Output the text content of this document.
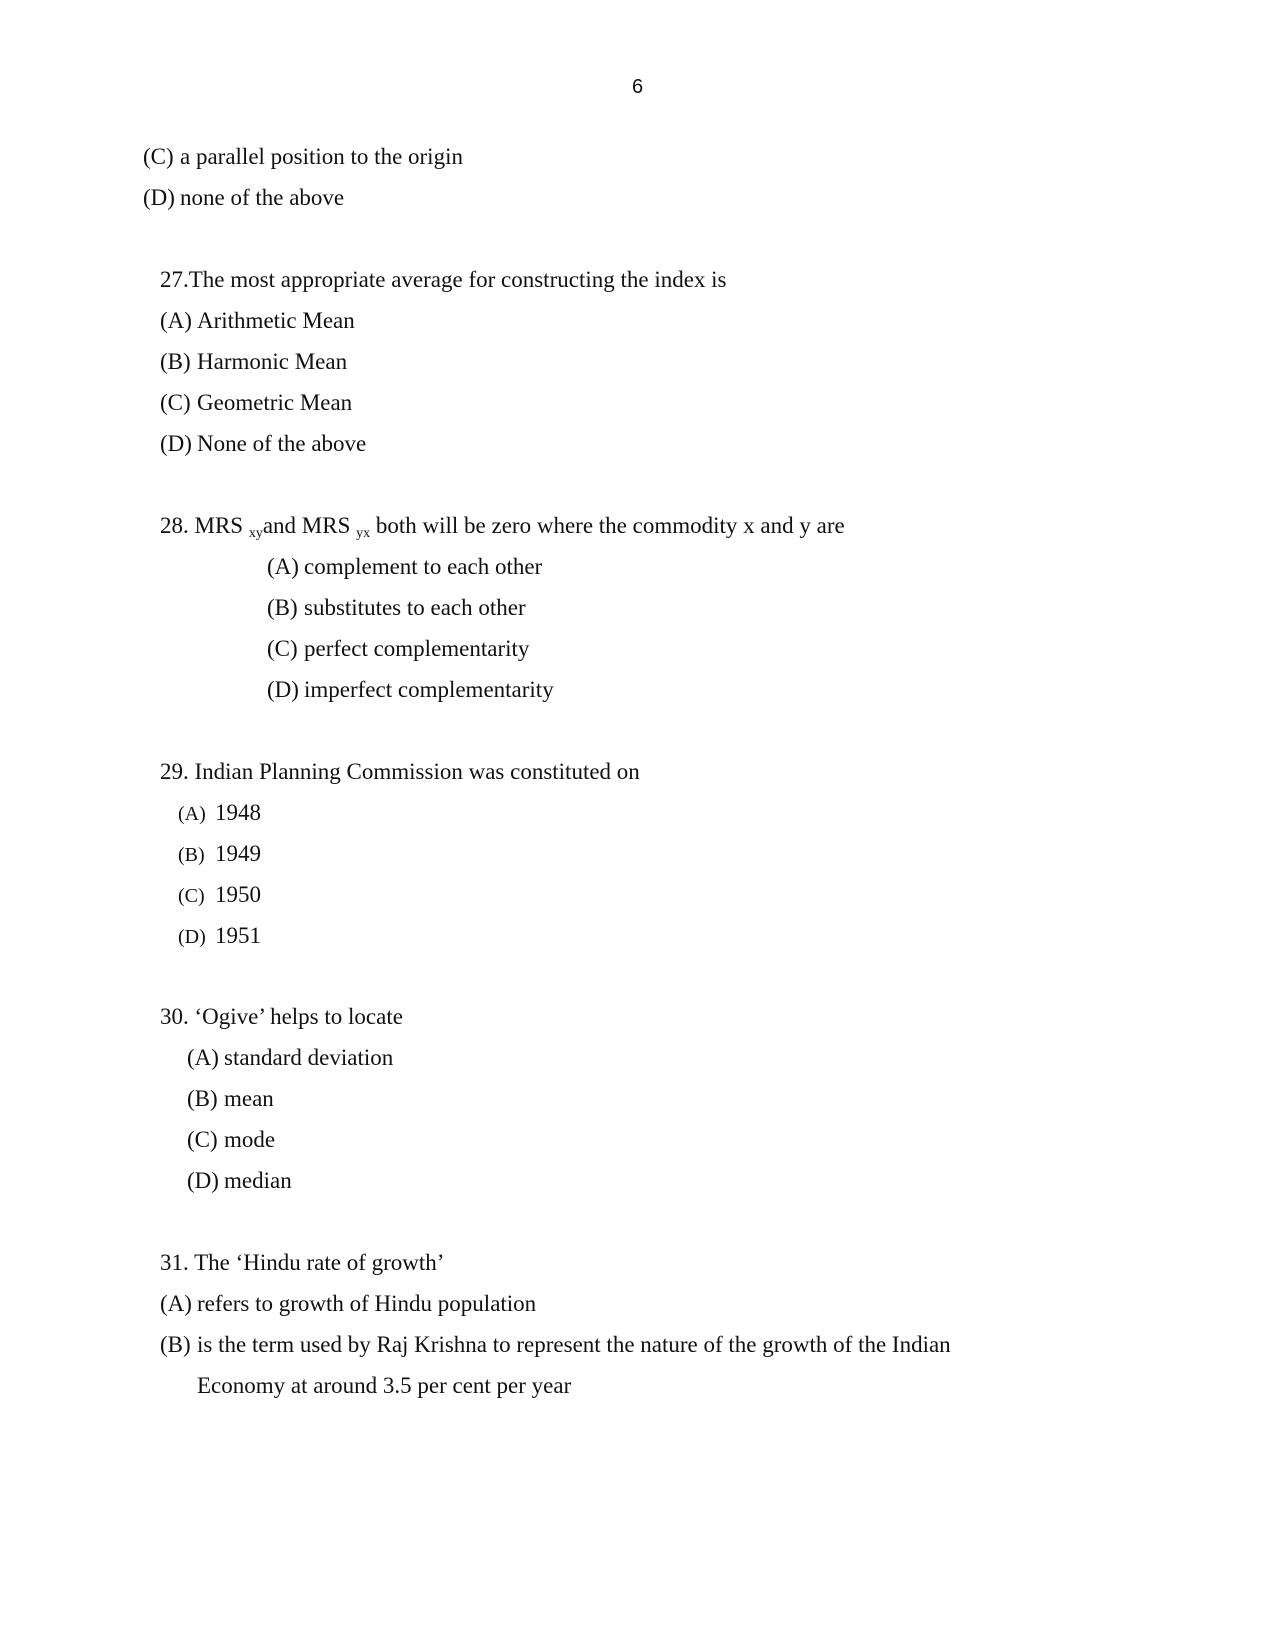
6
(C) a parallel position to the origin
(D) none of the above
27.The most appropriate average for constructing the index is
(A) Arithmetic Mean
(B) Harmonic Mean
(C) Geometric Mean
(D) None of the above
28. MRS $_{xy}$and MRS $_{yx}$ both will be zero where the commodity x and y are
(A) complement to each other
(B) substitutes to each other
(C) perfect complementarity
(D) imperfect complementarity
29. Indian Planning Commission was constituted on
(A) 1948
(B) 1949
(C) 1950
(D) 1951
30. ‘Ogive’ helps to locate
(A) standard deviation
(B) mean
(C) mode
(D) median
31. The ‘Hindu rate of growth’
(A) refers to growth of Hindu population
(B) is the term used by Raj Krishna to represent the nature of the growth of the Indian
Economy at around 3.5 per cent per year
